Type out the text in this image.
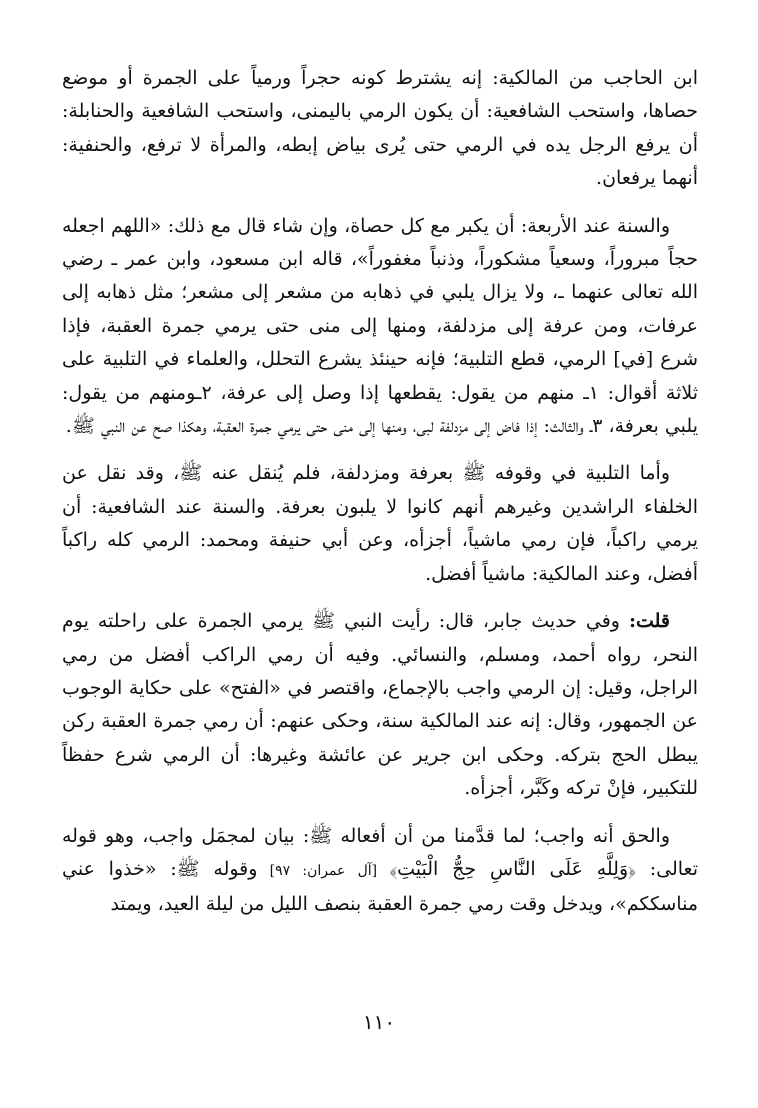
ابن الحاجب من المالكية: إنه يشترط كونه حجراً ورمياً على الجمرة أو موضع حصاها، واستحب الشافعية: أن يكون الرمي باليمنى، واستحب الشافعية والحنابلة: أن يرفع الرجل يده في الرمي حتى يُرى بياض إبطه، والمرأة لا ترفع، والحنفية: أنهما يرفعان.

والسنة عند الأربعة: أن يكبر مع كل حصاة، وإن شاء قال مع ذلك: «اللهم اجعله حجاً مبروراً، وسعياً مشكوراً، وذنباً مغفوراً»، قاله ابن مسعود، وابن عمر ـ رضي الله تعالى عنهما ـ، ولا يزال يلبي في ذهابه من مشعر إلى مشعر؛ مثل ذهابه إلى عرفات، ومن عرفة إلى مزدلفة، ومنها إلى منى حتى يرمي جمرة العقبة، فإذا شرع [في] الرمي، قطع التلبية؛ فإنه حينئذ يشرع التحلل، والعلماء في التلبية على ثلاثة أقوال: ١ـ منهم من يقول: يقطعها إذا وصل إلى عرفة، ٢ـومنهم من يقول: يلبي بعرفة، ٣ـ والثالث: إذا فاض إلى مزدلفة لبى، ومنها إلى منى حتى يرمي جمرة العقبة، وهكذا صح عن النبي ﷺ.

وأما التلبية في وقوفه ﷺ بعرفة ومزدلفة، فلم يُنقل عنه ﷺ، وقد نقل عن الخلفاء الراشدين وغيرهم أنهم كانوا لا يلبون بعرفة. والسنة عند الشافعية: أن يرمي راكباً، فإن رمي ماشياً، أجزأه، وعن أبي حنيفة ومحمد: الرمي كله راكباً أفضل، وعند المالكية: ماشياً أفضل.

قلت: وفي حديث جابر، قال: رأيت النبي ﷺ يرمي الجمرة على راحلته يوم النحر، رواه أحمد، ومسلم، والنسائي. وفيه أن رمي الراكب أفضل من رمي الراجل، وقيل: إن الرمي واجب بالإجماع، واقتصر في «الفتح» على حكاية الوجوب عن الجمهور، وقال: إنه عند المالكية سنة، وحكى عنهم: أن رمي جمرة العقبة ركن يبطل الحج بتركه. وحكى ابن جرير عن عائشة وغيرها: أن الرمي شرع حفظاً للتكبير، فإنْ تركه وكَبَّر، أجزأه.

والحق أنه واجب؛ لما قدَّمنا من أن أفعاله ﷺ: بيان لمجمَل واجب، وهو قوله تعالى: ﴿وَلِلَّهِ عَلَى النَّاسِ حِجُّ الْبَيْتِ﴾ [آل عمران: ٩٧] وقوله ﷺ: «خذوا عني مناسككم»، ويدخل وقت رمي جمرة العقبة بنصف الليل من ليلة العيد، ويمتد

١١٠
